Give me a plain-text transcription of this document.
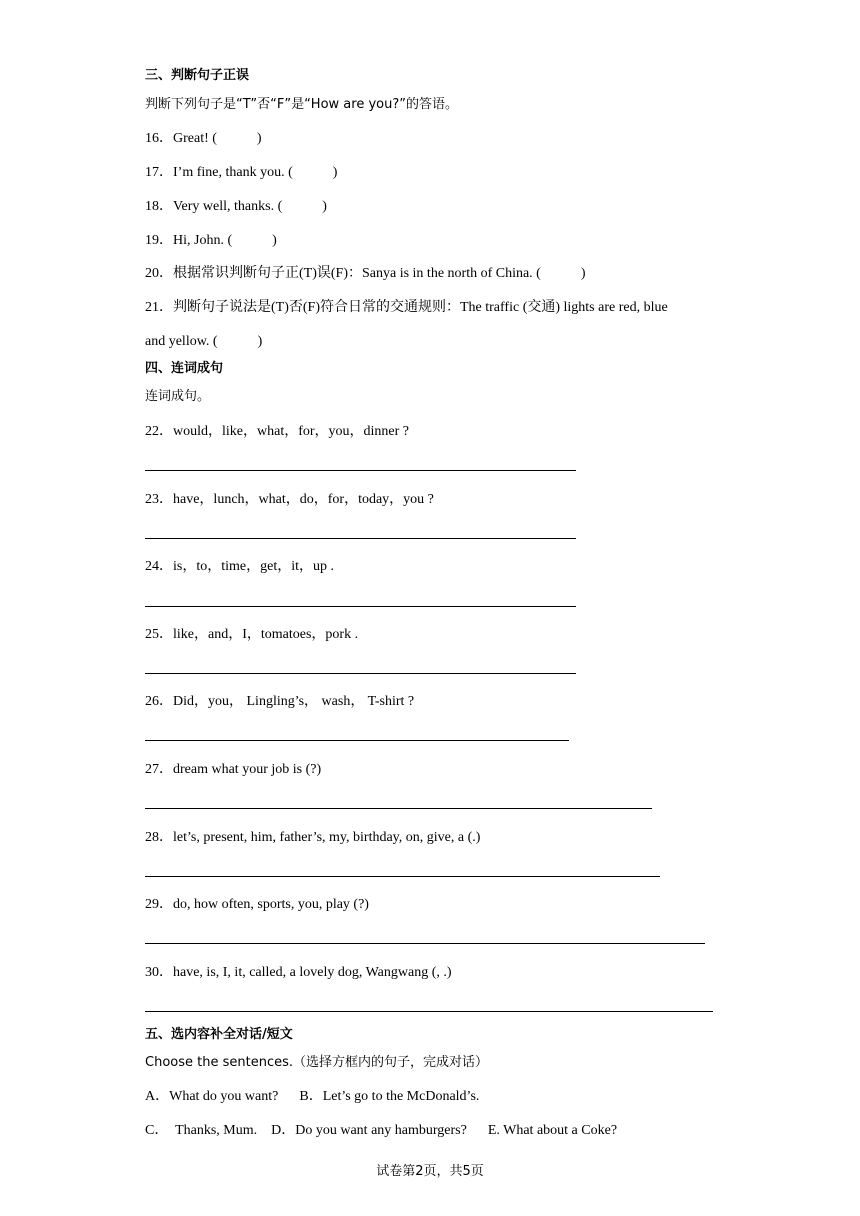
三、判断句子正误
判断下列句子是“T”否“F”是“How are you?”的答语。
16．Great! (	)
17．I’m fine, thank you. (	)
18．Very well, thanks. (	)
19．Hi, John. (	)
20．根据常识判断句子正(T)误(F)：Sanya is in the north of China. (	)
21．判断句子说法是(T)否(F)符合日常的交通规则：The traffic (交通) lights are red, blue
and yellow. (	)
四、连词成句
连词成句。
22．would，like，what，for，you，dinner ?
23．have，lunch，what，do，for，today，you ?
24．is，to，time，get，it，up .
25．like，and，I，tomatoes，pork .
26．Did，you， Lingling’s， wash， T-shirt ?
27．dream what your job is (?)
28．let’s, present, him, father’s, my, birthday, on, give, a (.)
29．do, how often, sports, you, play (?)
30．have, is, I, it, called, a lovely dog, Wangwang (, .)
五、选内容补全对话/短文
Choose the sentences.（选择方框内的句子，完成对话）
A．What do you want?      B．Let’s go to the McDonald’s.
C．  Thanks, Mum.    D．Do you want any hamburgers?      E. What about a Coke?
试卷第2页，共5页
